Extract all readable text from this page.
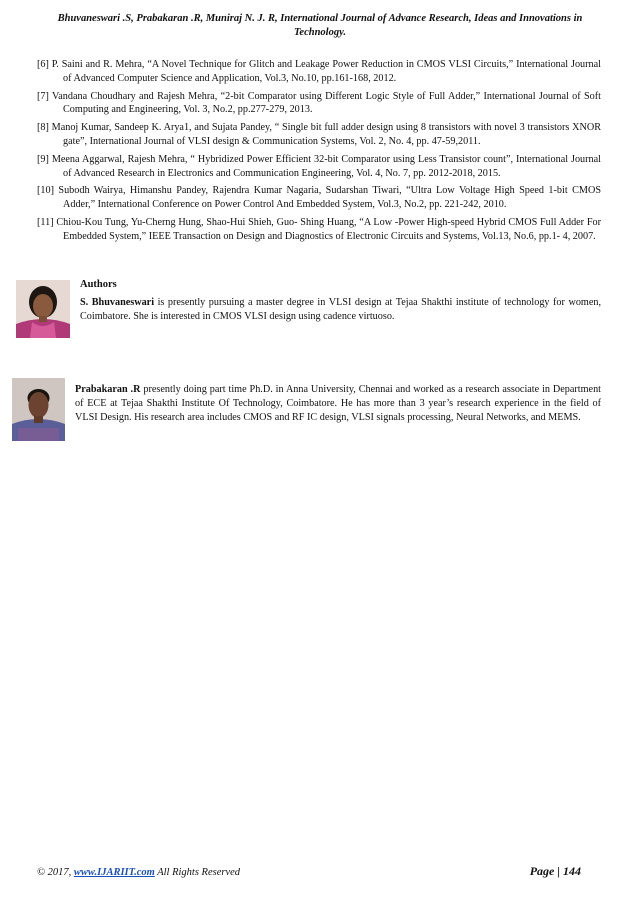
Bhuvaneswari .S, Prabakaran .R, Muniraj N. J. R, International Journal of Advance Research, Ideas and Innovations in Technology.
[6] P. Saini and R. Mehra, “A Novel Technique for Glitch and Leakage Power Reduction in CMOS VLSI Circuits,” International Journal of Advanced Computer Science and Application, Vol.3, No.10, pp.161-168, 2012.
[7] Vandana Choudhary and Rajesh Mehra, “2-bit Comparator using Different Logic Style of Full Adder,” International Journal of Soft Computing and Engineering, Vol. 3, No.2, pp.277-279, 2013.
[8] Manoj Kumar, Sandeep K. Arya1, and Sujata Pandey, “ Single bit full adder design using 8 transistors with novel 3 transistors XNOR gate”, International Journal of VLSI design & Communication Systems, Vol. 2, No. 4, pp. 47-59,2011.
[9] Meena Aggarwal, Rajesh Mehra, “ Hybridized Power Efficient 32-bit Comparator using Less Transistor count”, International Journal of Advanced Research in Electronics and Communication Engineering, Vol. 4, No. 7, pp. 2012-2018, 2015.
[10] Subodh Wairya, Himanshu Pandey, Rajendra Kumar Nagaria, Sudarshan Tiwari, “Ultra Low Voltage High Speed 1-bit CMOS Adder,” International Conference on Power Control And Embedded System, Vol.3, No.2, pp. 221-242, 2010.
[11] Chiou-Kou Tung, Yu-Cherng Hung, Shao-Hui Shieh, Guo- Shing Huang, “A Low -Power High-speed Hybrid CMOS Full Adder For Embedded System,” IEEE Transaction on Design and Diagnostics of Electronic Circuits and Systems, Vol.13, No.6, pp.1- 4, 2007.
Authors
S. Bhuvaneswari is presently pursuing a master degree in VLSI design at Tejaa Shakthi institute of technology for women, Coimbatore. She is interested in CMOS VLSI design using cadence virtuoso.
Prabakaran .R presently doing part time Ph.D. in Anna University, Chennai and worked as a research associate in Department of ECE at Tejaa Shakthi Institute Of Technology, Coimbatore. He has more than 3 year’s research experience in the field of VLSI Design. His research area includes CMOS and RF IC design, VLSI signals processing, Neural Networks, and MEMS.
© 2017, www.IJARIIT.com All Rights Reserved	Page | 144
